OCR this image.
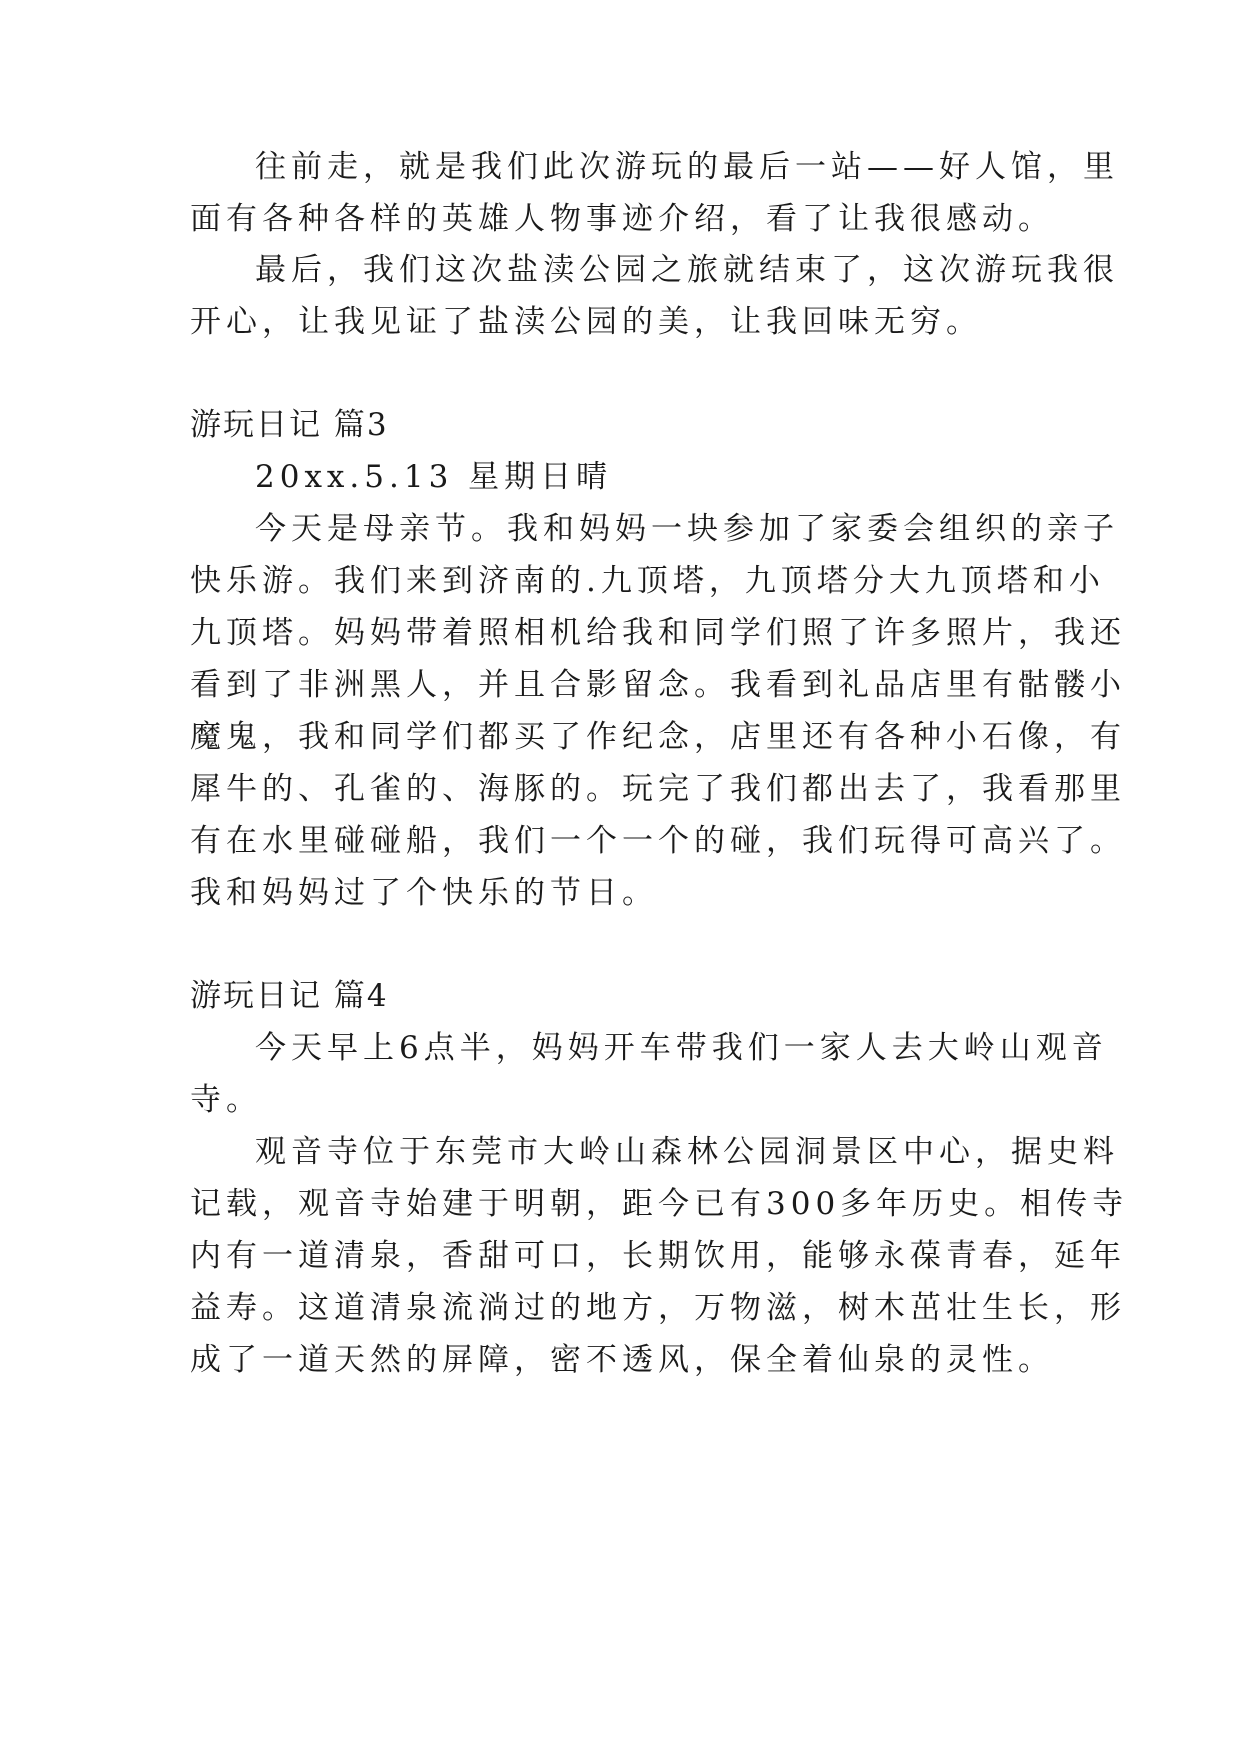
往前走，就是我们此次游玩的最后一站——好人馆，里
面有各种各样的英雄人物事迹介绍，看了让我很感动。
最后，我们这次盐渎公园之旅就结束了，这次游玩我很
开心，让我见证了盐渎公园的美，让我回味无穷。
游玩日记 篇3
20xx.5.13 星期日晴
今天是母亲节。我和妈妈一块参加了家委会组织的亲子
快乐游。我们来到济南的.九顶塔，九顶塔分大九顶塔和小
九顶塔。妈妈带着照相机给我和同学们照了许多照片，我还
看到了非洲黑人，并且合影留念。我看到礼品店里有骷髅小
魔鬼，我和同学们都买了作纪念，店里还有各种小石像，有
犀牛的、孔雀的、海豚的。玩完了我们都出去了，我看那里
有在水里碰碰船，我们一个一个的碰，我们玩得可高兴了。
我和妈妈过了个快乐的节日。
游玩日记 篇4
今天早上6点半，妈妈开车带我们一家人去大岭山观音
寺。
观音寺位于东莞市大岭山森林公园洞景区中心，据史料
记载，观音寺始建于明朝，距今已有300多年历史。相传寺
内有一道清泉，香甜可口，长期饮用，能够永葆青春，延年
益寿。这道清泉流淌过的地方，万物滋，树木茁壮生长，形
成了一道天然的屏障，密不透风，保全着仙泉的灵性。
